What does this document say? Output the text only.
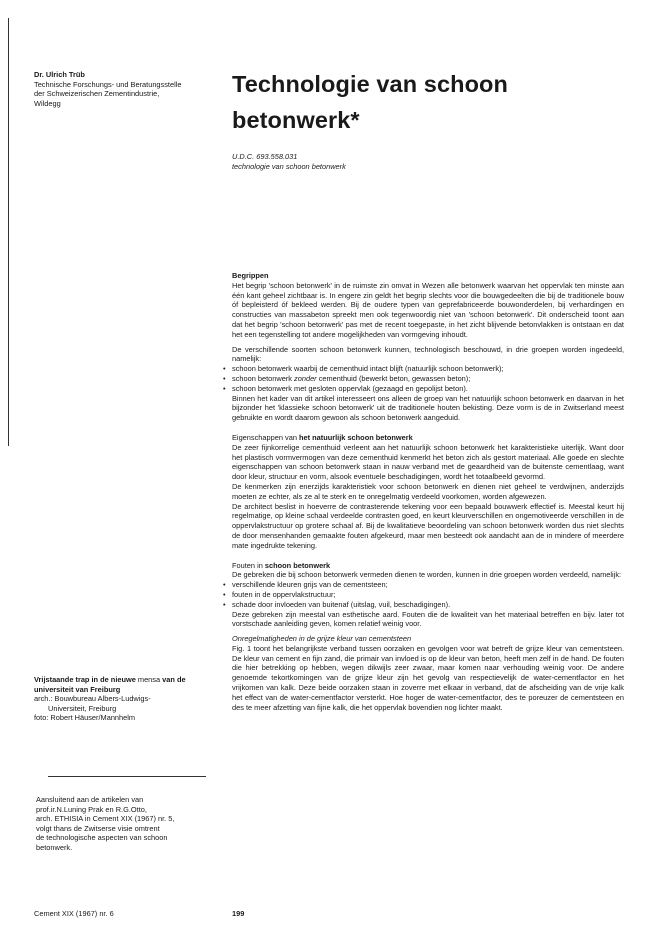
Dr. Ulrich Trüb
Technische Forschungs- und Beratungsstelle
der Schweizerischen Zementindustrie,
Wildegg
Technologie van schoon
betonwerk*
U.D.C. 693.558.031
technologie van schoon betonwerk

Begrippen

Het begrip 'schoon betonwerk' in de ruimste zin omvat in Wezen alle betonwerk waarvan het oppervlak ten minste aan één kant geheel zichtbaar is. In engere zin geldt het begrip slechts voor die bouwgedeelten die bij de traditionele bouw óf bepleisterd óf bekleed werden. Bij de oudere typen van geprefabriceerde bouwonderdelen, bij verhardingen en constructies van massabeton spreekt men ook tegenwoordig niet van 'schoon betonwerk'. Dit onderscheid toont aan dat het begrip 'schoon betonwerk' pas met de recent toegepaste, in het zicht blijvende betonvlakken is ontstaan en dat het een tegenstelling tot andere mogelijkheden van vormgeving inhoudt.

De verschillende soorten schoon betonwerk kunnen, technologisch beschouwd, in drie groepen worden ingedeeld, namelijk:

• schoon betonwerk waarbij de cementhuid intact blijft (natuurlijk schoon betonwerk);

• schoon betonwerk zonder cementhuid (bewerkt beton, gewassen beton);

• schoon betonwerk met gesloten oppervlak (gezaagd en gepolijst beton).

Binnen het kader van dit artikel interesseert ons alleen de groep van het natuurlijk schoon betonwerk en daarvan in het bijzonder het 'klassieke schoon betonwerk' uit de traditionele houten bekisting. Deze vorm is de in Zwitserland meest gebruikte en wordt daarom gewoon als schoon betonwerk aangeduid.

Eigenschappen van het natuurlijk schoon betonwerk

De zeer fijnkorrelige cementhuid verleent aan het natuurlijk schoon betonwerk het karakteristieke uiterlijk. Want door het plastisch vormvermogen van deze cementhuid kenmerkt het beton zich als gestort materiaal. Alle goede en slechte eigenschappen van schoon betonwerk staan in nauw verband met de geaardheid van de buitenste cementlaag, want door kleur, structuur en vorm, alsook eventuele beschadigingen, wordt het totaalbeeld gevormd.

De kenmerken zijn enerzijds karakteristiek voor schoon betonwerk en dienen niet geheel te verdwijnen, anderzijds moeten ze echter, als ze al te sterk en te onregelmatig verdeeld voorkomen, worden afgewezen.

De architect beslist in hoeverre de contrasterende tekening voor een bepaald bouwwerk effectief is. Meestal keurt hij regelmatige, op kleine schaal verdeelde contrasten goed, en keurt kleurverschillen en ongemotiveerde verschillen in de oppervlakstructuur op grotere schaal af. Bij de kwalitatieve beoordeling van schoon betonwerk worden dus niet slechts de door mensenhanden gemaakte fouten afgekeurd, maar men besteedt ook aandacht aan de in mindere of meerdere mate ingedrukte tekening.

Fouten in schoon betonwerk

De gebreken die bij schoon betonwerk vermeden dienen te worden, kunnen in drie groepen worden verdeeld, namelijk:

• verschillende kleuren grijs van de cementsteen;

• fouten in de oppervlakstructuur;

• schade door invloeden van buitenaf (uitslag, vuil, beschadigingen).

Deze gebreken zijn meestal van esthetische aard. Fouten die de kwaliteit van het materiaal betreffen en bijv. later tot vorstschade aanleiding geven, komen relatief weinig voor.

Onregelmatigheden in de grijze kleur van cementsteen

Fig. 1 toont het belangrijkste verband tussen oorzaken en gevolgen voor wat betreft de grijze kleur van cementsteen. De kleur van cement en fijn zand, die primair van invloed is op de kleur van beton, heeft men zelf in de hand. De fouten die hier betrekking op hebben, wegen dikwijls zeer zwaar, maar komen naar verhouding weinig voor. De andere genoemde tekortkomingen van de grijze kleur zijn het gevolg van respectievelijk de water-cementfactor en het vrijkomen van kalk. Deze beide oorzaken staan in zoverre met elkaar in verband, dat de afscheiding van de vrije kalk het effect van de water-cementfactor versterkt. Hoe hoger de water-cementfactor, des te poreuzer de cementsteen en des te meer afzetting van fijne kalk, die het oppervlak bovendien nog lichter maakt.

Vrijstaande trap in de nieuwe mensa van de
universiteit van Freiburg
arch.: Bouwbureau Albers-Ludwigs-
Universiteit, Freiburg
foto: Robert Häuser/Mannhelm
Aansluitend aan de artikelen van
prof.ir.N.Luning Prak en R.G.Otto,
arch. ETHISIA in Cement XIX (1967) nr. 5,
volgt thans de Zwitserse visie omtrent
de technologische aspecten van schoon
betonwerk.
Cement XIX (1967) nr. 6	199
